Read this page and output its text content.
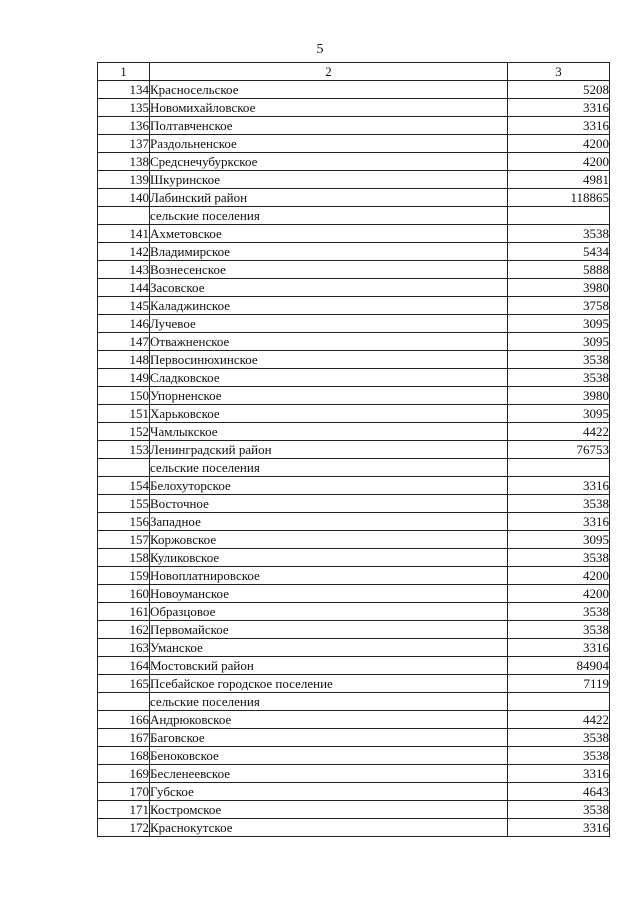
5
1	2	3
134	Красносельское	5208
135	Новомихайловское	3316
136	Полтавченское	3316
137	Раздольненское	4200
138	Средснечубуркское	4200
139	Шкуринское	4981
140	Лабинский район	118865
	сельские поселения	
141	Ахметовское	3538
142	Владимирское	5434
143	Вознесенское	5888
144	Засовское	3980
145	Каладжинское	3758
146	Лучевое	3095
147	Отважненское	3095
148	Первосинюхинское	3538
149	Сладковское	3538
150	Упорненское	3980
151	Харьковское	3095
152	Чамлыкское	4422
153	Ленинградский район	76753
	сельские поселения	
154	Белохуторское	3316
155	Восточное	3538
156	Западное	3316
157	Коржовское	3095
158	Куликовское	3538
159	Новоплатнировское	4200
160	Новоуманское	4200
161	Образцовое	3538
162	Первомайское	3538
163	Уманское	3316
164	Мостовский район	84904
165	Псебайское городское поселение	7119
	сельские поселения	
166	Андрюковское	4422
167	Баговское	3538
168	Беноковское	3538
169	Бесленеевское	3316
170	Губское	4643
171	Костромское	3538
172	Краснокутское	3316
